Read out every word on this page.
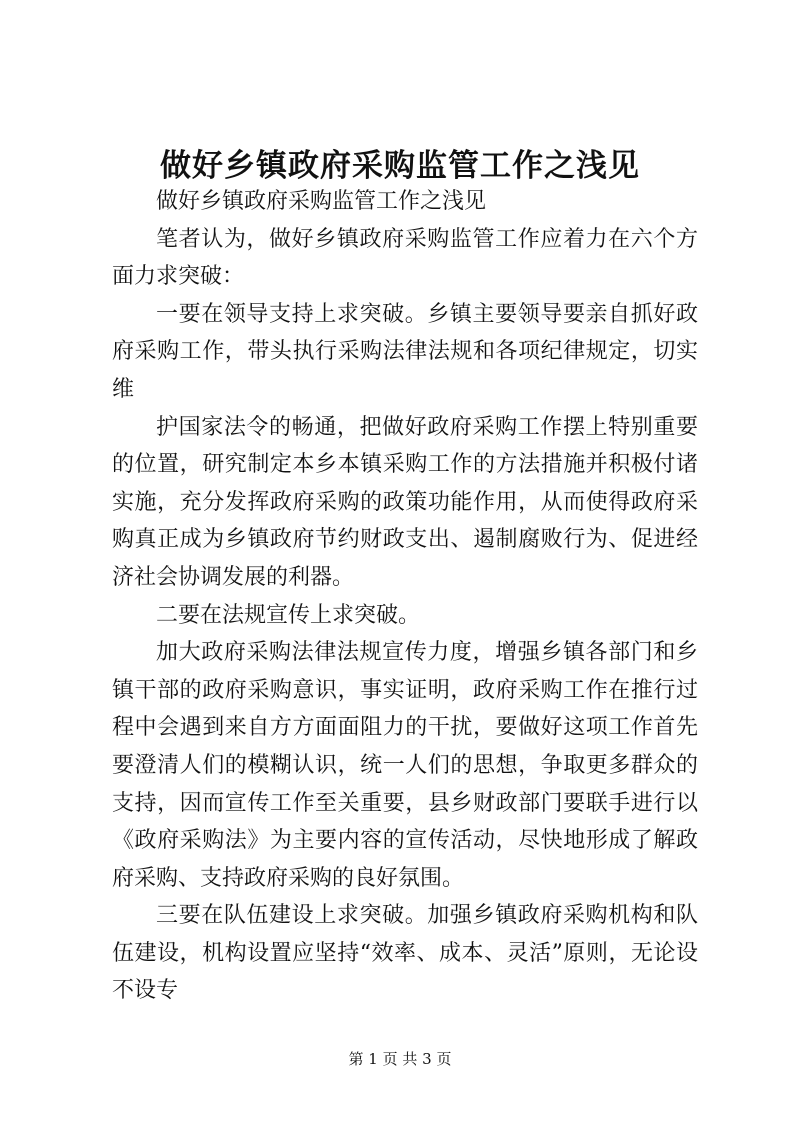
做好乡镇政府采购监管工作之浅见

做好乡镇政府采购监管工作之浅见

笔者认为，做好乡镇政府采购监管工作应着力在六个方面力求突破：

一要在领导支持上求突破。乡镇主要领导要亲自抓好政府采购工作，带头执行采购法律法规和各项纪律规定，切实维

护国家法令的畅通，把做好政府采购工作摆上特别重要的位置，研究制定本乡本镇采购工作的方法措施并积极付诸实施，充分发挥政府采购的政策功能作用，从而使得政府采购真正成为乡镇政府节约财政支出、遏制腐败行为、促进经济社会协调发展的利器。

二要在法规宣传上求突破。

加大政府采购法律法规宣传力度，增强乡镇各部门和乡镇干部的政府采购意识，事实证明，政府采购工作在推行过程中会遇到来自方方面面阻力的干扰，要做好这项工作首先要澄清人们的模糊认识，统一人们的思想，争取更多群众的支持，因而宣传工作至关重要，县乡财政部门要联手进行以《政府采购法》为主要内容的宣传活动，尽快地形成了解政府采购、支持政府采购的良好氛围。

三要在队伍建设上求突破。加强乡镇政府采购机构和队伍建设，机构设置应坚持“效率、成本、灵活”原则，无论设不设专

第 1 页 共 3 页
